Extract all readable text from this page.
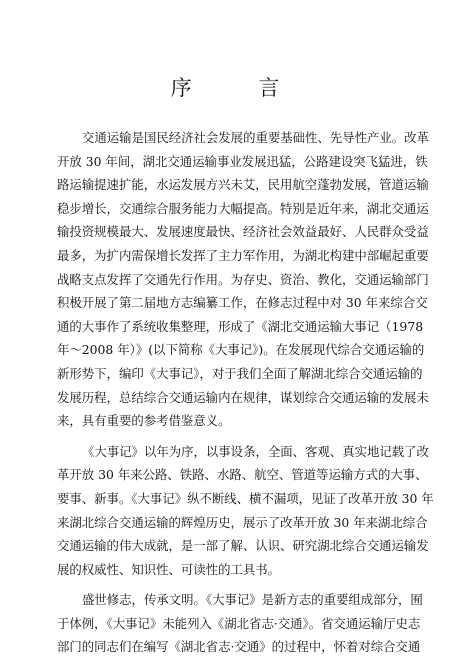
序 言
交通运输是国民经济社会发展的重要基础性、先导性产业。改革
开放 30 年间，湖北交通运输事业发展迅猛，公路建设突飞猛进，铁
路运输提速扩能，水运发展方兴未艾，民用航空蓬勃发展，管道运输
稳步增长，交通综合服务能力大幅提高。特别是近年来，湖北交通运
输投资规模最大、发展速度最快、经济社会效益最好、人民群众受益
最多，为扩内需保增长发挥了主力军作用，为湖北构建中部崛起重要
战略支点发挥了交通先行作用。为存史、资治、教化，交通运输部门
积极开展了第二届地方志编纂工作，在修志过程中对 30 年来综合交
通的大事作了系统收集整理，形成了《湖北交通运输大事记（1978
年～2008 年）》(以下简称《大事记》)。在发展现代综合交通运输的
新形势下，编印《大事记》，对于我们全面了解湖北综合交通运输的
发展历程，总结综合交通运输内在规律，谋划综合交通运输的发展未
来，具有重要的参考借鉴意义。
《大事记》以年为序，以事设条，全面、客观、真实地记载了改
革开放 30 年来公路、铁路、水路、航空、管道等运输方式的大事、
要事、新事。《大事记》纵不断线、横不漏项，见证了改革开放 30 年
来湖北综合交通运输的辉煌历史，展示了改革开放 30 年来湖北综合
交通运输的伟大成就，是一部了解、认识、研究湖北综合交通运输发
展的权威性、知识性、可读性的工具书。
盛世修志，传承文明。《大事记》是新方志的重要组成部分，囿
于体例，《大事记》未能列入《湖北省志·交通》。省交通运输厅史志
部门的同志们在编写《湖北省志·交通》的过程中，怀着对综合交通
